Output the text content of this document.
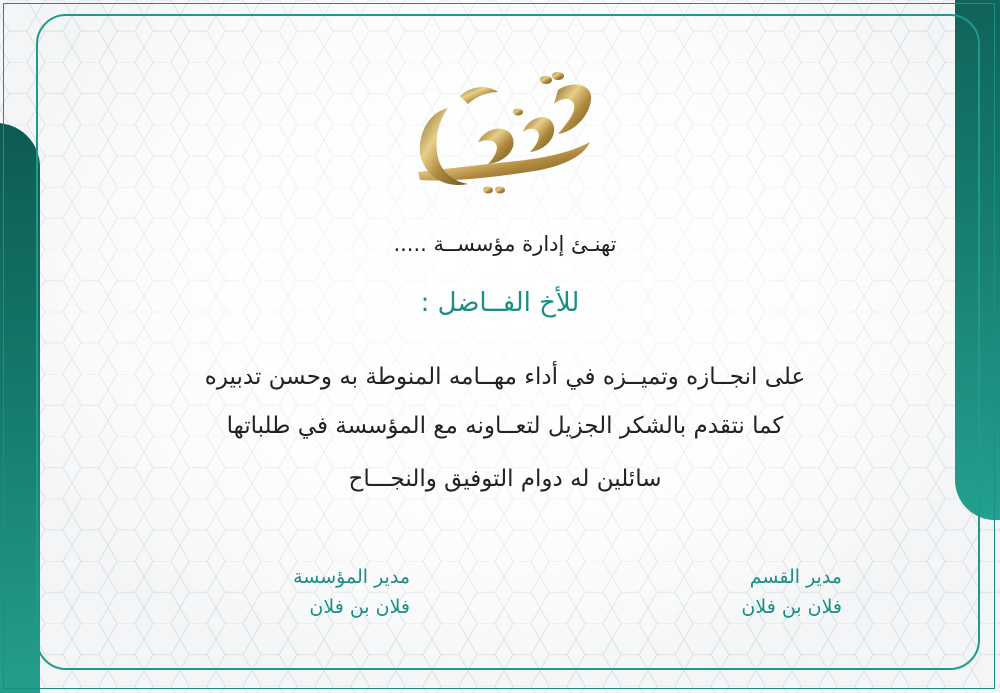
تهنـئ إدارة مؤسســة .....
للأخ الفــاضل :
على انجــازه وتميــزه في أداء مهــامه المنوطة به وحسن تدبيره
كما نتقدم بالشكر الجزيل لتعــاونه مع المؤسسة في طلباتها
سائلين له دوام التوفيق والنجـــاح
مدير المؤسسة
فلان بن فلان
مدير القسم
فلان بن فلان
